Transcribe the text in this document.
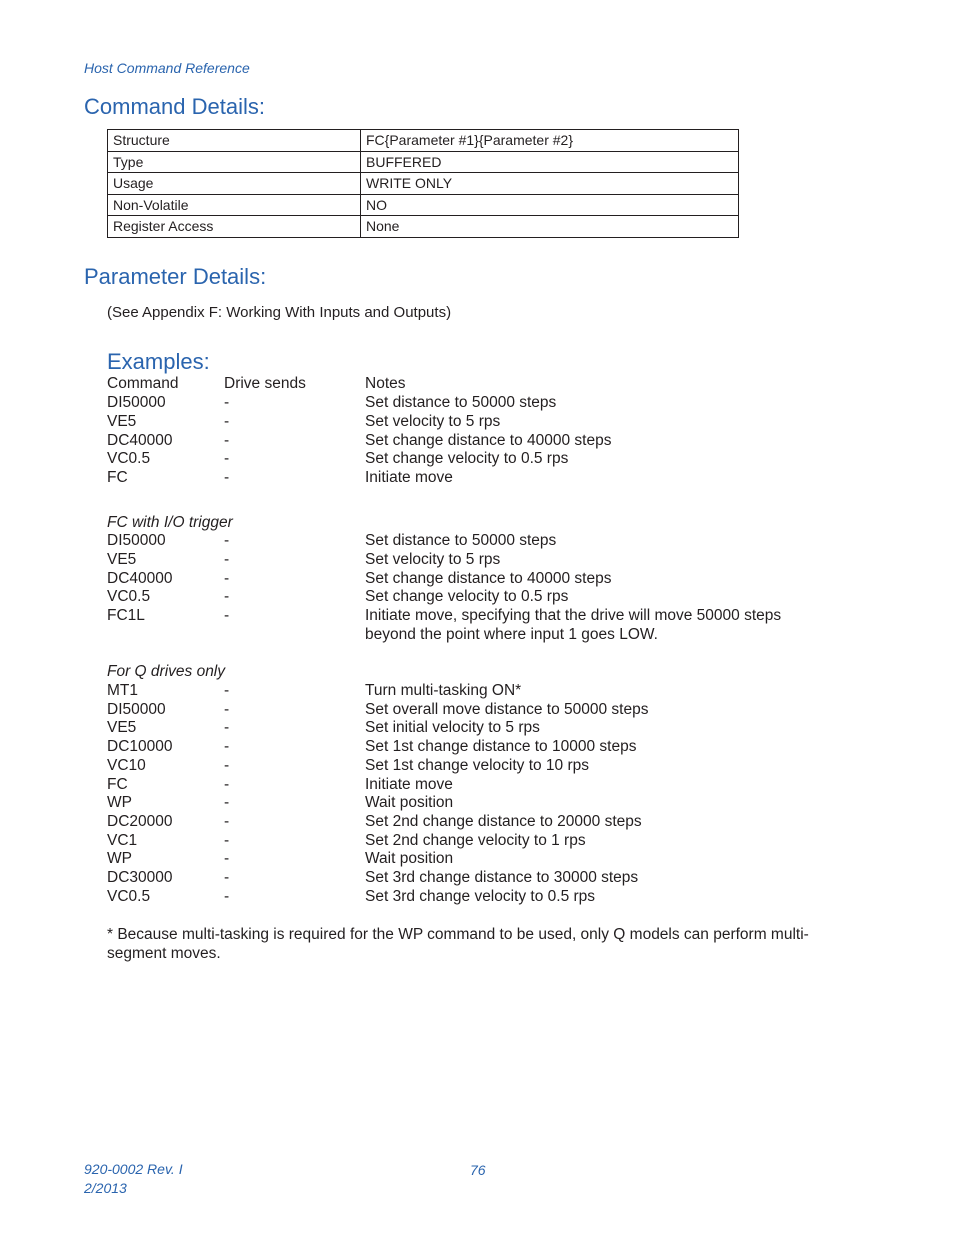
Host Command Reference
Command Details:
Structure	FC{Parameter #1}{Parameter #2}
Type	BUFFERED
Usage	WRITE ONLY
Non-Volatile	NO
Register Access	None
Parameter Details:
(See Appendix F: Working With Inputs and Outputs)
Examples:
Command	Drive sends	Notes
DI50000	-	Set distance to 50000 steps
VE5	-	Set velocity to 5 rps
DC40000	-	Set change distance to 40000 steps
VC0.5	-	Set change velocity to 0.5 rps
FC	-	Initiate move
FC with I/O trigger
DI50000	-	Set distance to 50000 steps
VE5	-	Set velocity to 5 rps
DC40000	-	Set change distance to 40000 steps
VC0.5	-	Set change velocity to 0.5 rps
FC1L	-	Initiate move, specifying that the drive will move 50000 steps
beyond the point where input 1 goes LOW.
For Q drives only
MT1	-	Turn multi-tasking ON*
DI50000	-	Set overall move distance to 50000 steps
VE5	-	Set initial velocity to 5 rps
DC10000	-	Set 1st change distance to 10000 steps
VC10	-	Set 1st change velocity to 10 rps
FC	-	Initiate move
WP	-	Wait position
DC20000	-	Set 2nd change distance to 20000 steps
VC1	-	Set 2nd change velocity to 1 rps
WP	-	Wait position
DC30000	-	Set 3rd change distance to 30000 steps
VC0.5	-	Set 3rd change velocity to 0.5 rps
* Because multi-tasking is required for the WP command to be used, only Q models can perform multi-
segment moves.
920-0002 Rev. I
2/2013
76
